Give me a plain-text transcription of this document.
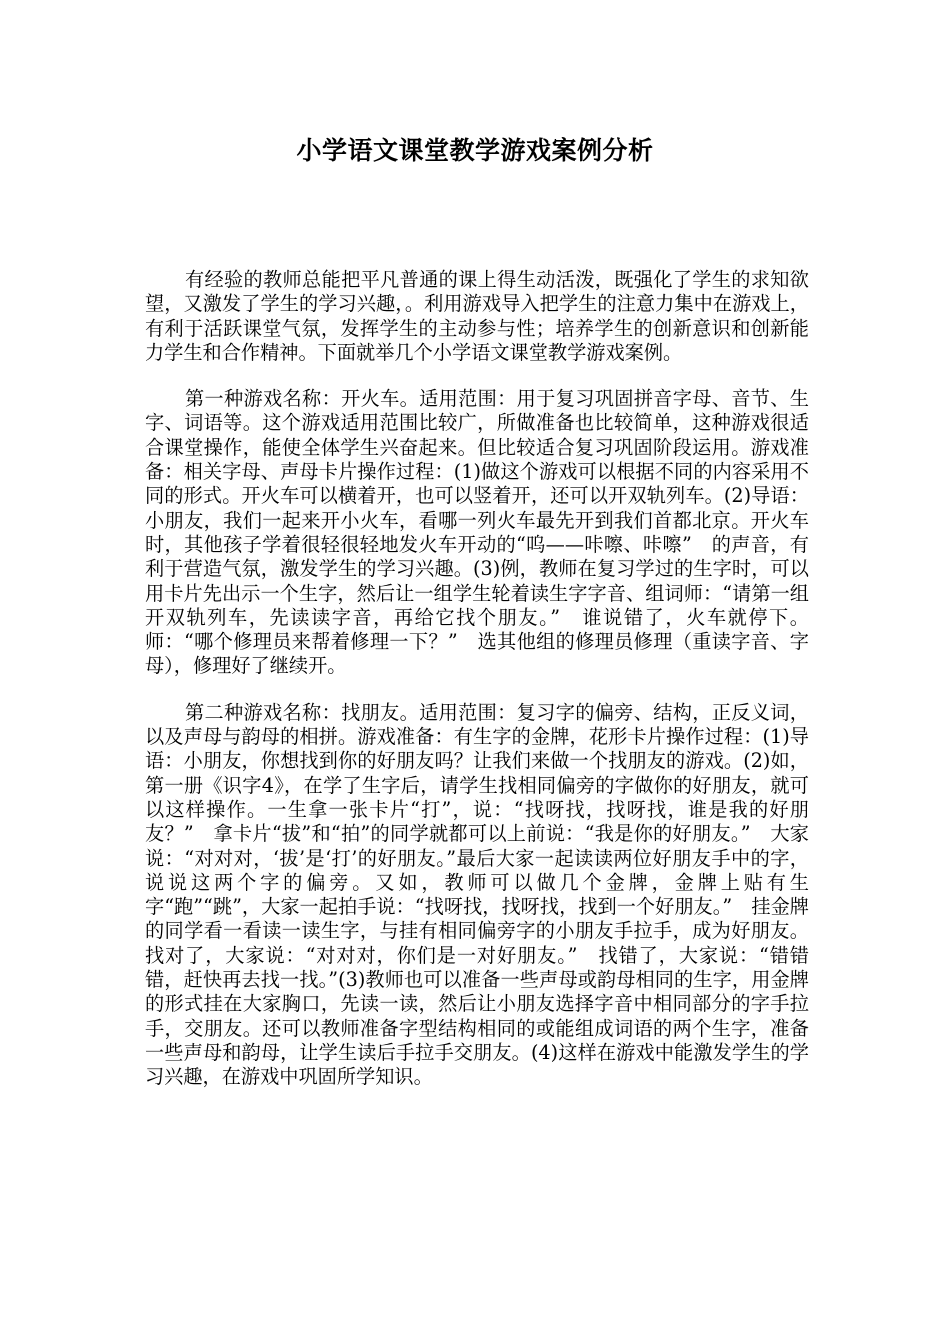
小学语文课堂教学游戏案例分析

有经验的教师总能把平凡普通的课上得生动活泼，既强化了学生的求知欲望，又激发了学生的学习兴趣，。利用游戏导入把学生的注意力集中在游戏上，有利于活跃课堂气氛，发挥学生的主动参与性；培养学生的创新意识和创新能力学生和合作精神。下面就举几个小学语文课堂教学游戏案例。

第一种游戏名称：开火车。适用范围：用于复习巩固拼音字母、音节、生字、词语等。这个游戏适用范围比较广，所做准备也比较简单，这种游戏很适合课堂操作，能使全体学生兴奋起来。但比较适合复习巩固阶段运用。游戏准备：相关字母、声母卡片操作过程：(1)做这个游戏可以根据不同的内容采用不同的形式。开火车可以横着开，也可以竖着开，还可以开双轨列车。(2)导语：小朋友，我们一起来开小火车，看哪一列火车最先开到我们首都北京。开火车时，其他孩子学着很轻很轻地发火车开动的“呜——咔嚓、咔嚓”　的声音，有利于营造气氛，激发学生的学习兴趣。(3)例，教师在复习学过的生字时，可以用卡片先出示一个生字，然后让一组学生轮着读生字字音、组词师：“请第一组开双轨列车，先读读字音，再给它找个朋友。”　谁说错了，火车就停下。师：“哪个修理员来帮着修理一下？”　选其他组的修理员修理（重读字音、字母），修理好了继续开。

第二种游戏名称：找朋友。适用范围：复习字的偏旁、结构，正反义词，以及声母与韵母的相拼。游戏准备：有生字的金牌，花形卡片操作过程：(1)导语：小朋友，你想找到你的好朋友吗？让我们来做一个找朋友的游戏。(2)如，第一册《识字4》，在学了生字后，请学生找相同偏旁的字做你的好朋友，就可以这样操作。一生拿一张卡片“打”，说：“找呀找，找呀找，谁是我的好朋友？”　拿卡片“拔”和“拍”的同学就都可以上前说：“我是你的好朋友。”　大家说：“对对对，‘拔’是‘打’的好朋友。”最后大家一起读读两位好朋友手中的字，说说这两个字的偏旁。又如，教师可以做几个金牌，金牌上贴有生字“跑”“跳”，大家一起拍手说：“找呀找，找呀找，找到一个好朋友。”　挂金牌的同学看一看读一读生字，与挂有相同偏旁字的小朋友手拉手，成为好朋友。找对了，大家说：“对对对，你们是一对好朋友。”　找错了，大家说：“错错错，赶快再去找一找。”(3)教师也可以准备一些声母或韵母相同的生字，用金牌的形式挂在大家胸口，先读一读，然后让小朋友选择字音中相同部分的字手拉手，交朋友。还可以教师准备字型结构相同的或能组成词语的两个生字，准备一些声母和韵母，让学生读后手拉手交朋友。(4)这样在游戏中能激发学生的学习兴趣，在游戏中巩固所学知识。
